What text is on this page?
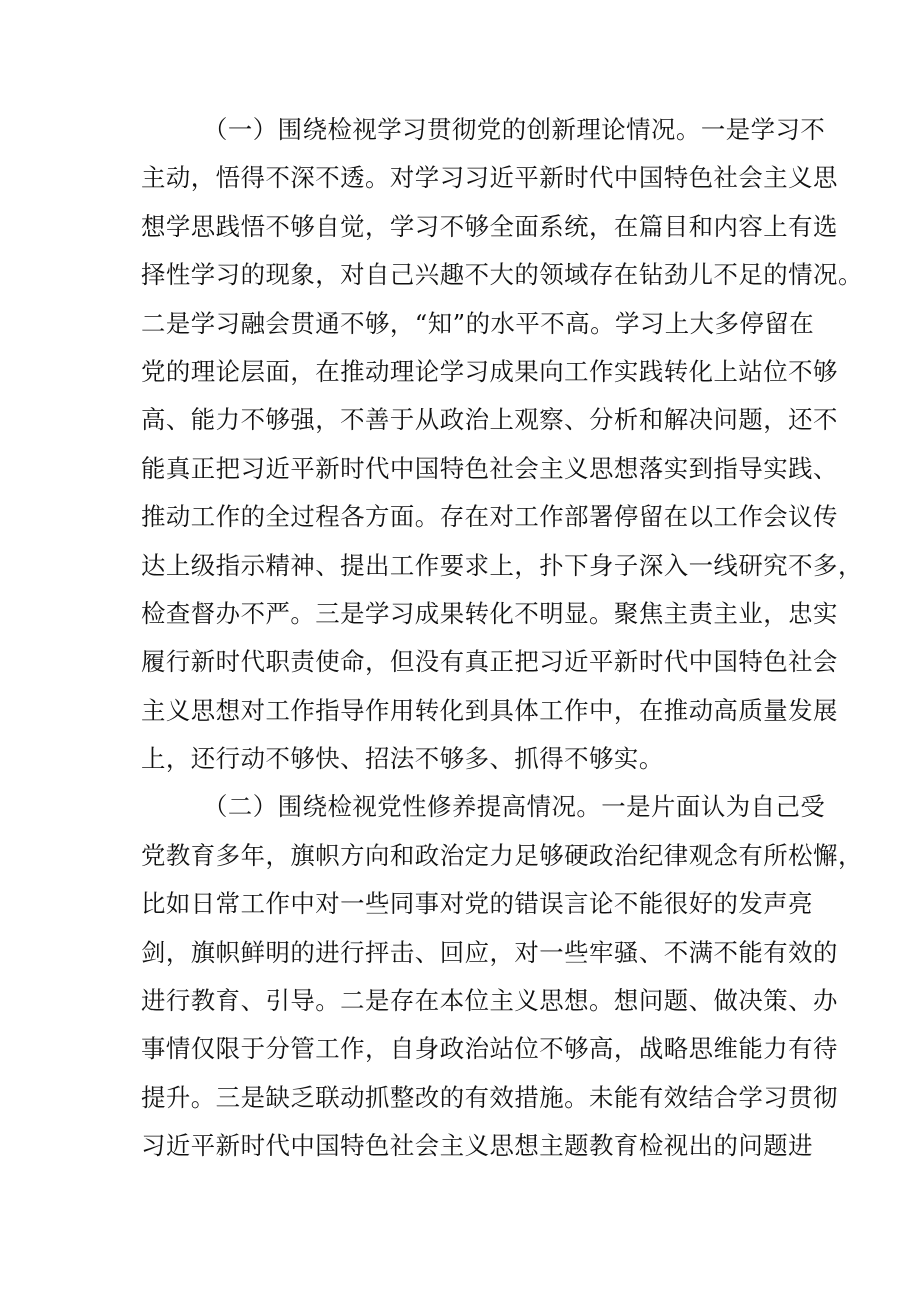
（一）围绕检视学习贯彻党的创新理论情况。一是学习不
主动，悟得不深不透。对学习习近平新时代中国特色社会主义思
想学思践悟不够自觉，学习不够全面系统，在篇目和内容上有选
择性学习的现象，对自己兴趣不大的领域存在钻劲儿不足的情况。
二是学习融会贯通不够，“知”的水平不高。学习上大多停留在
党的理论层面，在推动理论学习成果向工作实践转化上站位不够
高、能力不够强，不善于从政治上观察、分析和解决问题，还不
能真正把习近平新时代中国特色社会主义思想落实到指导实践、
推动工作的全过程各方面。存在对工作部署停留在以工作会议传
达上级指示精神、提出工作要求上，扑下身子深入一线研究不多，
检查督办不严。三是学习成果转化不明显。聚焦主责主业，忠实
履行新时代职责使命，但没有真正把习近平新时代中国特色社会
主义思想对工作指导作用转化到具体工作中，在推动高质量发展
上，还行动不够快、招法不够多、抓得不够实。
（二）围绕检视党性修养提高情况。一是片面认为自己受
党教育多年，旗帜方向和政治定力足够硬政治纪律观念有所松懈，
比如日常工作中对一些同事对党的错误言论不能很好的发声亮
剑，旗帜鲜明的进行抨击、回应，对一些牢骚、不满不能有效的
进行教育、引导。二是存在本位主义思想。想问题、做决策、办
事情仅限于分管工作，自身政治站位不够高，战略思维能力有待
提升。三是缺乏联动抓整改的有效措施。未能有效结合学习贯彻
习近平新时代中国特色社会主义思想主题教育检视出的问题进
